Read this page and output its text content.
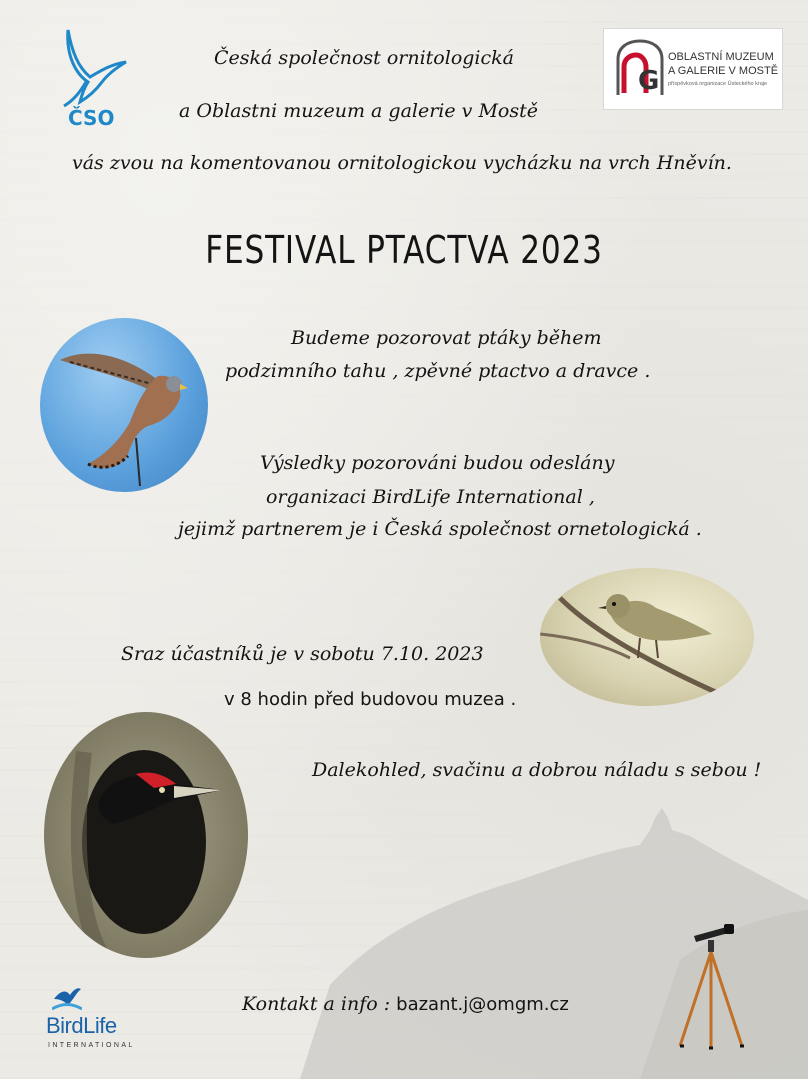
ČSO
G
OBLASTNÍ MUZEUM
A GALERIE V MOSTĚ
příspěvková organizace Ústeckého kraje
Česká společnost ornitologická
a Oblastni muzeum a galerie v Mostě
vás zvou na komentovanou ornitologickou vycházku na vrch Hněvín.
FESTIVAL PTACTVA 2023
Budeme pozorovat ptáky během
podzimního tahu , zpěvné ptactvo a dravce .
Výsledky pozorováni budou odeslány
organizaci BirdLife International ,
jejimž partnerem je i Česká společnost ornetologická .
Sraz účastníků je v sobotu 7.10. 2023
v 8 hodin před budovou muzea .
Dalekohled, svačinu a dobrou náladu s sebou !
Kontakt a info : bazant.j@omgm.cz
BirdLife
INTERNATIONAL
